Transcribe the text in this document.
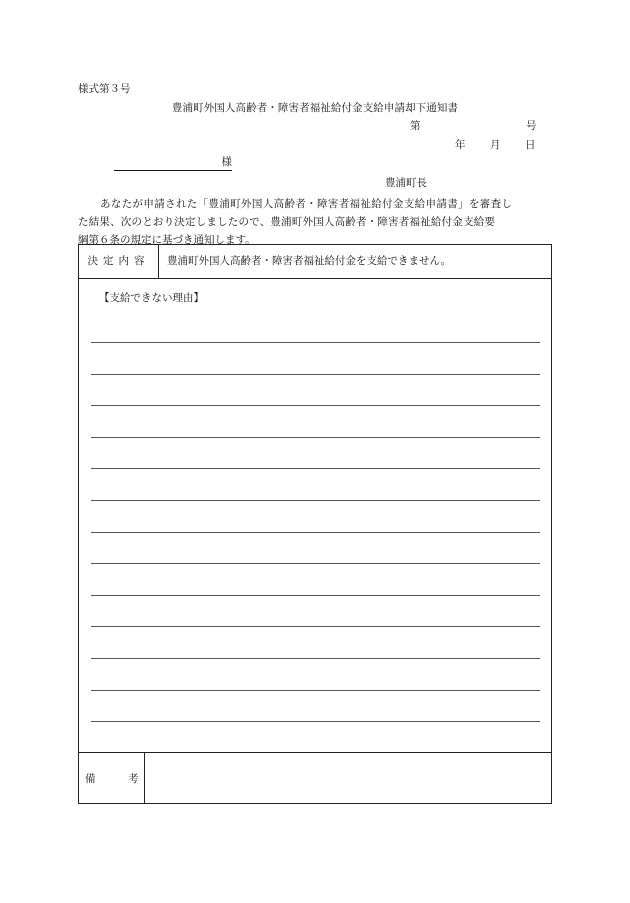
様式第３号
豊浦町外国人高齢者・障害者福祉給付金支給申請却下通知書
第	号
年 月 日
様
豊浦町長

あなたが申請された「豊浦町外国人高齢者・障害者福祉給付金支給申請書」を審査し

た結果、次のとおり決定しましたので、豊浦町外国人高齢者・障害者福祉給付金支給要

綱第６条の規定に基づき通知します。

決定内容	豊浦町外国人高齢者・障害者福祉給付金を支給できません。
【支給できない理由】
備	考
